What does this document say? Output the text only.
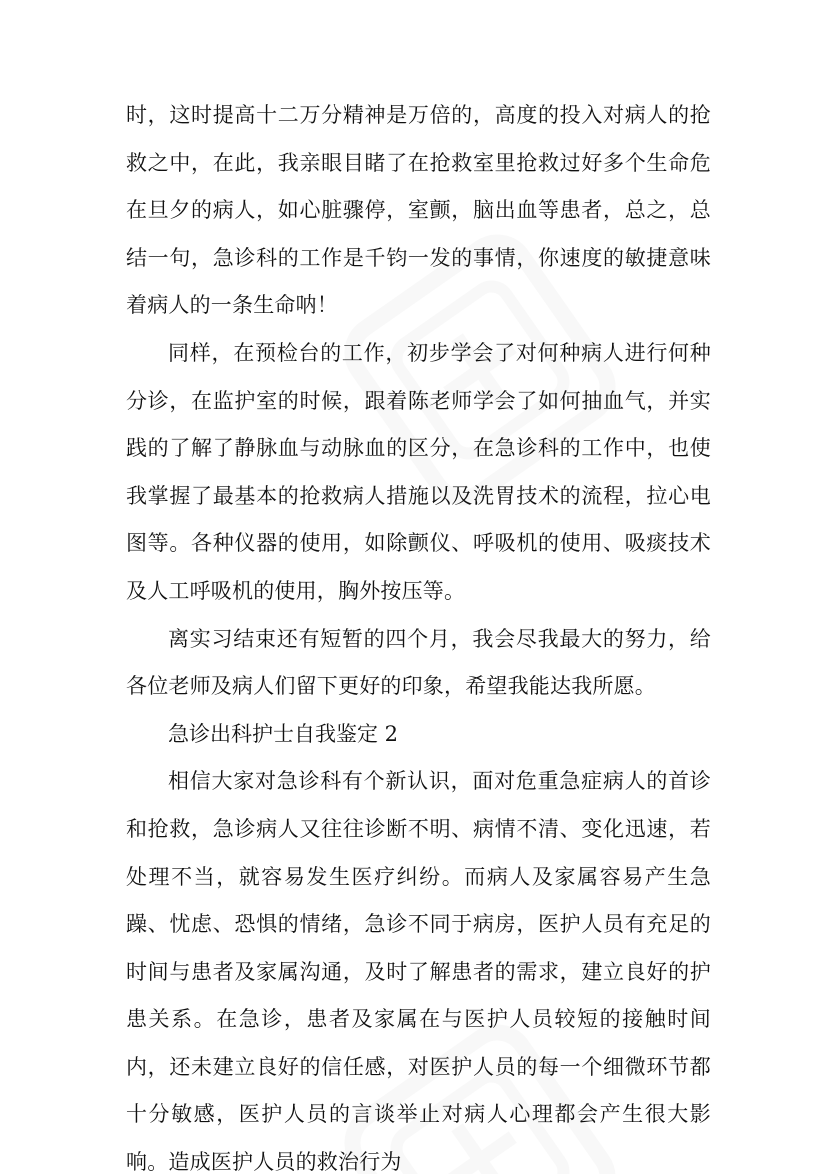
时，这时提高十二万分精神是万倍的，高度的投入对病人的抢救之中，在此，我亲眼目睹了在抢救室里抢救过好多个生命危在旦夕的病人，如心脏骤停，室颤，脑出血等患者，总之，总结一句，急诊科的工作是千钧一发的事情，你速度的敏捷意味着病人的一条生命呐！

同样，在预检台的工作，初步学会了对何种病人进行何种分诊，在监护室的时候，跟着陈老师学会了如何抽血气，并实践的了解了静脉血与动脉血的区分，在急诊科的工作中，也使我掌握了最基本的抢救病人措施以及洗胃技术的流程，拉心电图等。各种仪器的使用，如除颤仪、呼吸机的使用、吸痰技术及人工呼吸机的使用，胸外按压等。

离实习结束还有短暂的四个月，我会尽我最大的努力，给各位老师及病人们留下更好的印象，希望我能达我所愿。

急诊出科护士自我鉴定 2

相信大家对急诊科有个新认识，面对危重急症病人的首诊和抢救，急诊病人又往往诊断不明、病情不清、变化迅速，若处理不当，就容易发生医疗纠纷。而病人及家属容易产生急躁、忧虑、恐惧的情绪，急诊不同于病房，医护人员有充足的时间与患者及家属沟通，及时了解患者的需求，建立良好的护患关系。在急诊，患者及家属在与医护人员较短的接触时间内，还未建立良好的信任感，对医护人员的每一个细微环节都十分敏感，医护人员的言谈举止对病人心理都会产生很大影响。造成医护人员的救治行为
